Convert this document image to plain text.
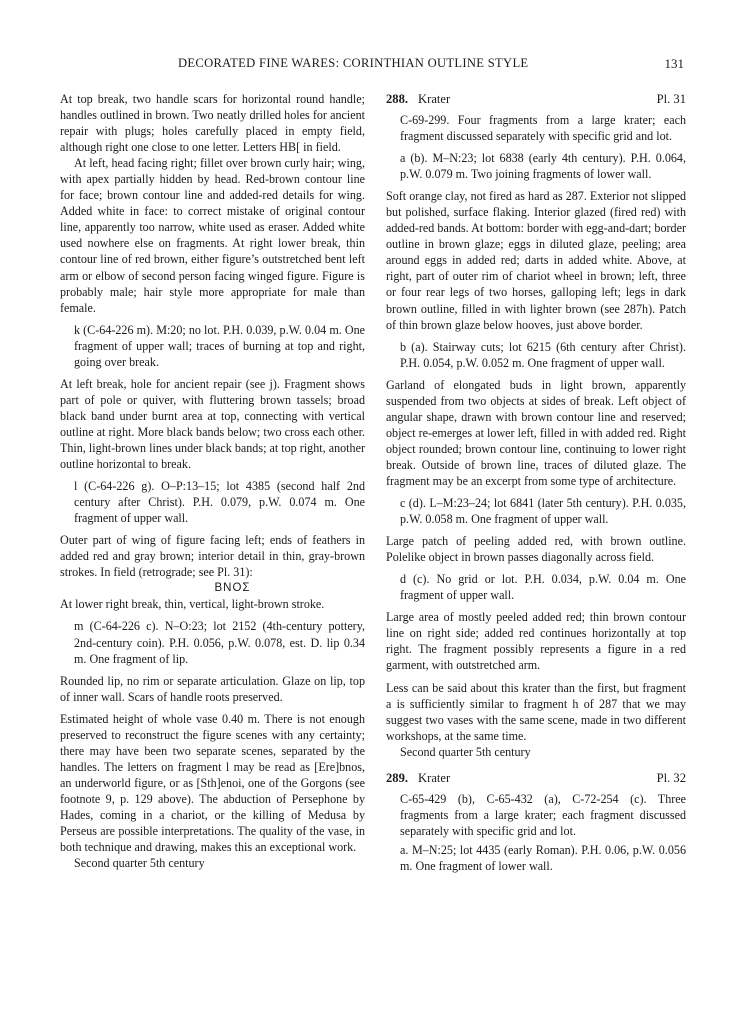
DECORATED FINE WARES: CORINTHIAN OUTLINE STYLE	131

At top break, two handle scars for horizontal round handle; handles outlined in brown. Two neatly drilled holes for ancient repair with plugs; holes carefully placed in empty field, although right one close to one letter. Letters HB[ in field.

At left, head facing right; fillet over brown curly hair; wing, with apex partially hidden by head. Red-brown contour line for face; brown contour line and added-red details for wing. Added white in face: to correct mistake of original contour line, apparently too narrow, white used as eraser. Added white used nowhere else on fragments. At right lower break, thin contour line of red brown, either figure’s outstretched bent left arm or elbow of second person facing winged figure. Figure is probably male; hair style more appropriate for male than female.

k (C-64-226 m). M:20; no lot. P.H. 0.039, p.W. 0.04 m. One fragment of upper wall; traces of burning at top and right, going over break.

At left break, hole for ancient repair (see j). Fragment shows part of pole or quiver, with fluttering brown tassels; broad black band under burnt area at top, connecting with vertical outline at right. More black bands below; two cross each other. Thin, light-brown lines under black bands; at top right, another outline horizontal to break.

l (C-64-226 g). O–P:13–15; lot 4385 (second half 2nd century after Christ). P.H. 0.079, p.W. 0.074 m. One fragment of upper wall.

Outer part of wing of figure facing left; ends of feathers in added red and gray brown; interior detail in thin, gray-brown strokes. In field (retrograde; see Pl. 31):

BNOΣ

At lower right break, thin, vertical, light-brown stroke.

m (C-64-226 c). N–O:23; lot 2152 (4th-century pottery, 2nd-century coin). P.H. 0.056, p.W. 0.078, est. D. lip 0.34 m. One fragment of lip.

Rounded lip, no rim or separate articulation. Glaze on lip, top of inner wall. Scars of handle roots preserved.

Estimated height of whole vase 0.40 m. There is not enough preserved to reconstruct the figure scenes with any certainty; there may have been two separate scenes, separated by the handles. The letters on fragment l may be read as [Ere]bnos, an underworld figure, or as [Sth]enoi, one of the Gorgons (see footnote 9, p. 129 above). The abduction of Persephone by Hades, coming in a chariot, or the killing of Medusa by Perseus are possible interpretations. The quality of the vase, in both technique and drawing, makes this an exceptional work.

Second quarter 5th century

288. Krater	Pl. 31

C-69-299. Four fragments from a large krater; each fragment discussed separately with specific grid and lot.

a (b). M–N:23; lot 6838 (early 4th century). P.H. 0.064, p.W. 0.079 m. Two joining fragments of lower wall.

Soft orange clay, not fired as hard as 287. Exterior not slipped but polished, surface flaking. Interior glazed (fired red) with added-red bands. At bottom: border with egg-and-dart; border outline in brown glaze; eggs in diluted glaze, peeling; area around eggs in added red; darts in added white. Above, at right, part of outer rim of chariot wheel in brown; left, three or four rear legs of two horses, galloping left; legs in dark brown outline, filled in with lighter brown (see 287h). Patch of thin brown glaze below hooves, just above border.

b (a). Stairway cuts; lot 6215 (6th century after Christ). P.H. 0.054, p.W. 0.052 m. One fragment of upper wall.

Garland of elongated buds in light brown, apparently suspended from two objects at sides of break. Left object of angular shape, drawn with brown contour line and reserved; object re-emerges at lower left, filled in with added red. Right object rounded; brown contour line, continuing to lower right break. Outside of brown line, traces of diluted glaze. The fragment may be an excerpt from some type of architecture.

c (d). L–M:23–24; lot 6841 (later 5th century). P.H. 0.035, p.W. 0.058 m. One fragment of upper wall.

Large patch of peeling added red, with brown outline. Polelike object in brown passes diagonally across field.

d (c). No grid or lot. P.H. 0.034, p.W. 0.04 m. One fragment of upper wall.

Large area of mostly peeled added red; thin brown contour line on right side; added red continues horizontally at top right. The fragment possibly represents a figure in a red garment, with outstretched arm.

Less can be said about this krater than the first, but fragment a is sufficiently similar to fragment h of 287 that we may suggest two vases with the same scene, made in two different workshops, at the same time.

Second quarter 5th century

289. Krater	Pl. 32

C-65-429 (b), C-65-432 (a), C-72-254 (c). Three fragments from a large krater; each fragment discussed separately with specific grid and lot.

a. M–N:25; lot 4435 (early Roman). P.H. 0.06, p.W. 0.056 m. One fragment of lower wall.
